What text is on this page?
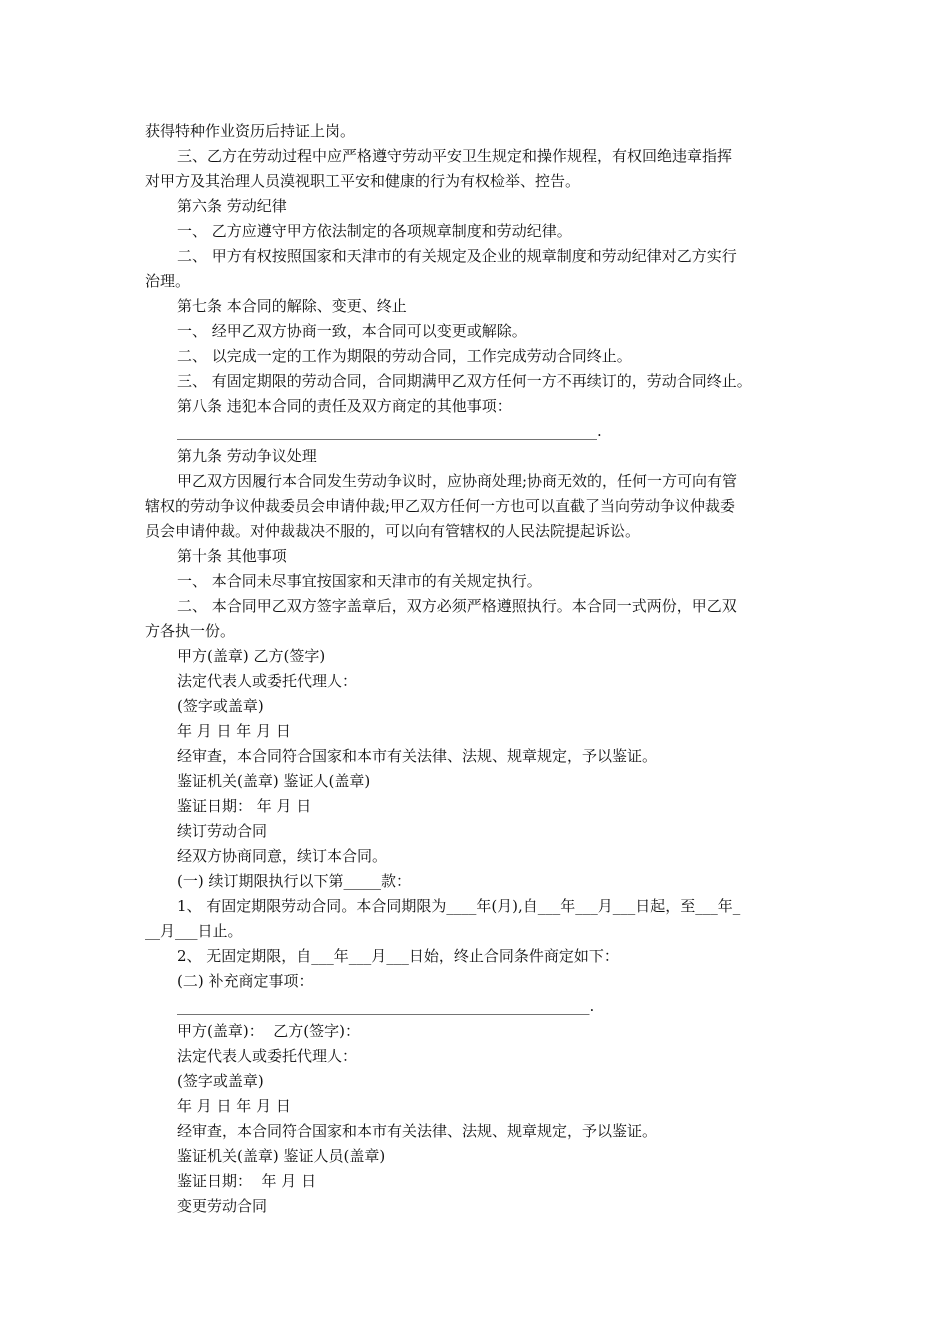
获得特种作业资历后持证上岗。
三、乙方在劳动过程中应严格遵守劳动平安卫生规定和操作规程，有权回绝违章指挥
对甲方及其治理人员漠视职工平安和健康的行为有权检举、控告。
第六条 劳动纪律
一、 乙方应遵守甲方依法制定的各项规章制度和劳动纪律。
二、 甲方有权按照国家和天津市的有关规定及企业的规章制度和劳动纪律对乙方实行
治理。
第七条 本合同的解除、变更、终止
一、 经甲乙双方协商一致，本合同可以变更或解除。
二、 以完成一定的工作为期限的劳动合同，工作完成劳动合同终止。
三、 有固定期限的劳动合同，合同期满甲乙双方任何一方不再续订的，劳动合同终止。
第八条 违犯本合同的责任及双方商定的其他事项：
________________________________________________________.
第九条 劳动争议处理
甲乙双方因履行本合同发生劳动争议时，应协商处理;协商无效的，任何一方可向有管
辖权的劳动争议仲裁委员会申请仲裁;甲乙双方任何一方也可以直截了当向劳动争议仲裁委
员会申请仲裁。对仲裁裁决不服的，可以向有管辖权的人民法院提起诉讼。
第十条 其他事项
一、 本合同未尽事宜按国家和天津市的有关规定执行。
二、 本合同甲乙双方签字盖章后，双方必须严格遵照执行。本合同一式两份，甲乙双
方各执一份。
甲方(盖章) 乙方(签字)
法定代表人或委托代理人：
(签字或盖章)
年 月 日 年 月 日
经审查，本合同符合国家和本市有关法律、法规、规章规定，予以鉴证。
鉴证机关(盖章) 鉴证人(盖章)
鉴证日期： 年 月 日
续订劳动合同
经双方协商同意，续订本合同。
(一) 续订期限执行以下第_____款：
1、 有固定期限劳动合同。本合同期限为____年(月),自___年___月___日起，至___年_
__月___日止。
2、 无固定期限，自___年___月___日始，终止合同条件商定如下：
(二) 补充商定事项：
_______________________________________________________.
甲方(盖章)：  乙方(签字)：
法定代表人或委托代理人：
(签字或盖章)
年 月 日 年 月 日
经审查，本合同符合国家和本市有关法律、法规、规章规定，予以鉴证。
鉴证机关(盖章) 鉴证人员(盖章)
鉴证日期：  年 月 日
变更劳动合同
